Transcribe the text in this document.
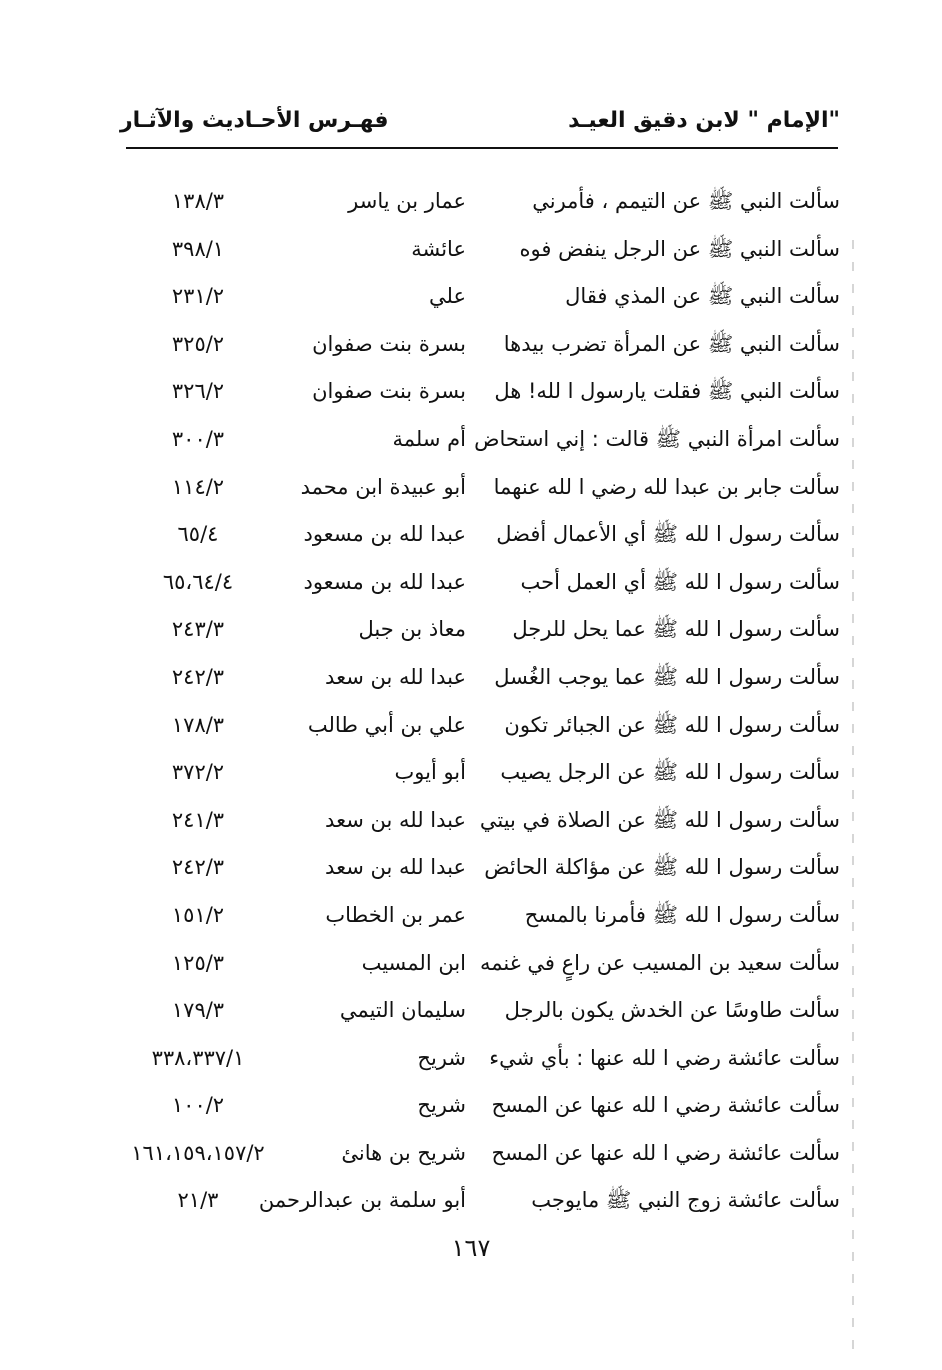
"الإمام " لابن دقيق العيـد
فهـرس الأحـاديث والآثـار
سألت النبي ﷺ عن التيمم ، فأمرني
عمار بن ياسر
١٣٨/٣
سألت النبي ﷺ عن الرجل ينفض فوه
عائشة
٣٩٨/١
سألت النبي ﷺ عن المذي فقال
علي
٢٣١/٢
سألت النبي ﷺ عن المرأة تضرب بيدها
بسرة بنت صفوان
٣٢٥/٢
سألت النبي ﷺ فقلت يارسول ا لله! هل
بسرة بنت صفوان
٣٢٦/٢
سألت امرأة النبي ﷺ قالت : إني استحاض
أم سلمة
٣٠٠/٣
سألت جابر بن عبدا لله رضي ا لله عنهما
أبو عبيدة ابن محمد
١١٤/٢
سألت رسول ا لله ﷺ أي الأعمال أفضل
عبدا لله بن مسعود
٦٥/٤
سألت رسول ا لله ﷺ أي العمل أحب
عبدا لله بن مسعود
٦٥،٦٤/٤
سألت رسول ا لله ﷺ عما يحل للرجل
معاذ بن جبل
٢٤٣/٣
سألت رسول ا لله ﷺ عما يوجب الغُسل
عبدا لله بن سعد
٢٤٢/٣
سألت رسول ا لله ﷺ عن الجبائر تكون
علي بن أبي طالب
١٧٨/٣
سألت رسول ا لله ﷺ عن الرجل يصيب
أبو أيوب
٣٧٢/٢
سألت رسول ا لله ﷺ عن الصلاة في بيتي
عبدا لله بن سعد
٢٤١/٣
سألت رسول ا لله ﷺ عن مؤاكلة الحائض
عبدا لله بن سعد
٢٤٢/٣
سألت رسول ا لله ﷺ فأمرنا بالمسح
عمر بن الخطاب
١٥١/٢
سألت سعيد بن المسيب عن راعٍ في غنمه
ابن المسيب
١٢٥/٣
سألت طاوسًا عن الخدش يكون بالرجل
سليمان التيمي
١٧٩/٣
سألت عائشة رضي ا لله عنها : بأي شيء
شريح
٣٣٨،٣٣٧/١
سألت عائشة رضي ا لله عنها عن المسح
شريح
١٠٠/٢
سألت عائشة رضي ا لله عنها عن المسح
شريح بن هانئ
١٦١،١٥٩،١٥٧/٢
سألت عائشة زوج النبي ﷺ مايوجب
أبو سلمة بن عبدالرحمن
٢١/٣
١٦٧
